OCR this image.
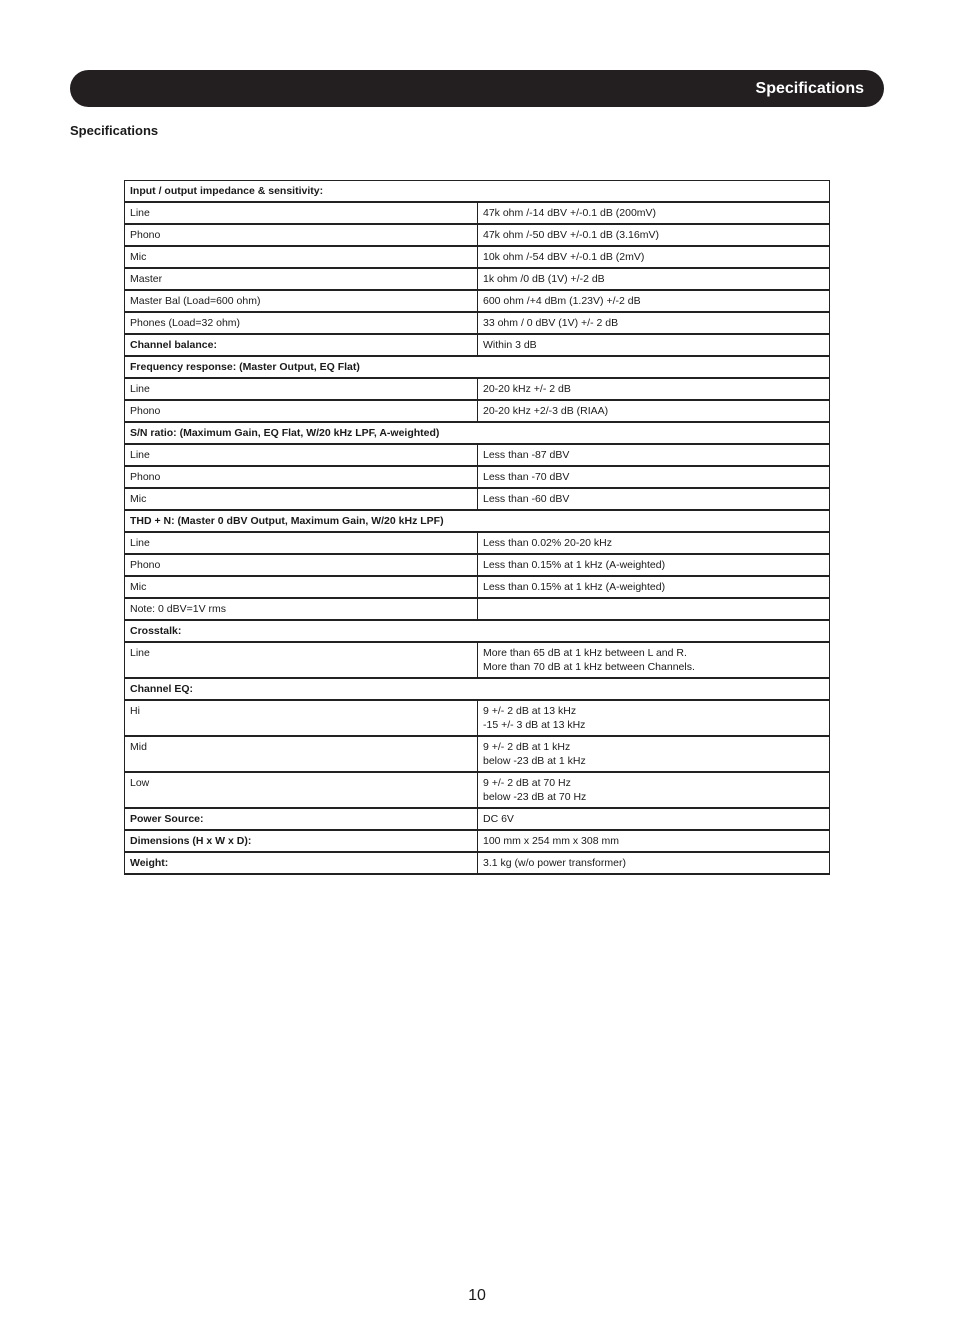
Specifications
Specifications
Input / output impedance & sensitivity:	
Line	47k ohm /-14 dBV +/-0.1 dB (200mV)
Phono	47k ohm /-50 dBV +/-0.1 dB (3.16mV)
Mic	10k ohm /-54 dBV +/-0.1 dB (2mV)
Master	1k ohm /0 dB (1V) +/-2 dB
Master Bal (Load=600 ohm)	600 ohm /+4 dBm (1.23V) +/-2 dB
Phones (Load=32 ohm)	33 ohm / 0 dBV (1V) +/- 2 dB
Channel balance:	Within 3 dB
Frequency response: (Master Output, EQ Flat)	
Line	20-20 kHz +/- 2 dB
Phono	20-20 kHz +2/-3 dB (RIAA)
S/N ratio: (Maximum Gain, EQ Flat, W/20 kHz LPF, A-weighted)	
Line	Less than -87 dBV
Phono	Less than -70 dBV
Mic	Less than -60 dBV
THD + N: (Master 0 dBV Output, Maximum Gain, W/20 kHz LPF)	
Line	Less than 0.02% 20-20 kHz
Phono	Less than 0.15% at 1 kHz (A-weighted)
Mic	Less than 0.15% at 1 kHz (A-weighted)
Note: 0 dBV=1V rms	
Crosstalk:	
Line	More than 65 dB at 1 kHz between L and R.
More than 70 dB at 1 kHz between Channels.

Channel EQ:	
Hi	9 +/- 2 dB at 13 kHz
-15 +/- 3 dB at 13 kHz

Mid	9 +/- 2 dB at 1 kHz
below -23 dB at 1 kHz

Low	9 +/- 2 dB at 70 Hz
below -23 dB at 70 Hz

Power Source:	DC 6V
Dimensions (H x W x D):	100 mm x 254 mm x 308 mm
Weight:	3.1 kg (w/o power transformer)
10
